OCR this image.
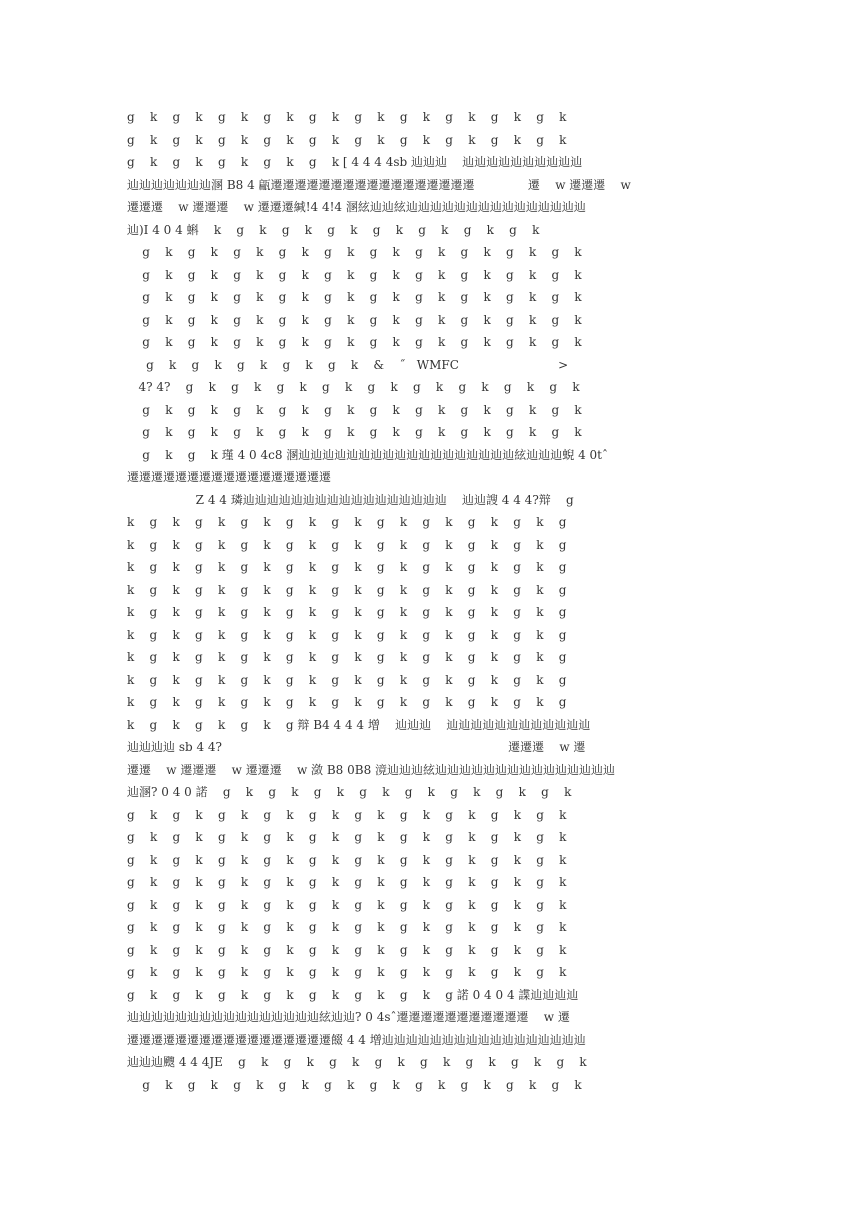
g    k    g    k    g    k    g    k    g    k    g    k    g    k    g    k    g    k    g    k
g    k    g    k    g    k    g    k    g    k    g    k    g    k    g    k    g    k    g    k
g    k    g    k    g    k    g    k    g    k [ 4 4 4 4sb 辿辿辿    辿辿辿辿辿辿辿辿辿辿
辿辿辿辿辿辿辿溷 B8 4 甂遷遷遷遷遷遷遷遷遷遷遷遷遷遷遷遷遷              遷    w 遷遷遷    w
遷遷遷    w 遷遷遷    w 遷遷遷緘!4 4!4 溷絃辿辿絃辿辿辿辿辿辿辿辿辿辿辿辿辿辿辿
辿)I 4 0 4 蝌    k    g    k    g    k    g    k    g    k    g    k    g    k    g    k
g    k    g    k    g    k    g    k    g    k    g    k    g    k    g    k    g    k    g    k
g    k    g    k    g    k    g    k    g    k    g    k    g    k    g    k    g    k    g    k
g    k    g    k    g    k    g    k    g    k    g    k    g    k    g    k    g    k    g    k
g    k    g    k    g    k    g    k    g    k    g    k    g    k    g    k    g    k    g    k
g    k    g    k    g    k    g    k    g    k    g    k    g    k    g    k    g    k    g    k
g    k    g    k    g    k    g    k    g    k    &    ˝   WMFC                          >
4? 4?    g    k    g    k    g    k    g    k    g    k    g    k    g    k    g    k    g    k
g    k    g    k    g    k    g    k    g    k    g    k    g    k    g    k    g    k    g    k
g    k    g    k    g    k    g    k    g    k    g    k    g    k    g    k    g    k    g    k
g    k    g    k 瑾 4 0 4c8 溷辿辿辿辿辿辿辿辿辿辿辿辿辿辿辿辿辿辿絃辿辿辿蜺 4 0tˆ
遷遷遷遷遷遷遷遷遷遷遷遷遷遷遷遷遷
Z 4 4 璘辿辿辿辿辿辿辿辿辿辿辿辿辿辿辿辿辿    辿辿謏 4 4 4?辩    g
k    g    k    g    k    g    k    g    k    g    k    g    k    g    k    g    k    g    k    g
k    g    k    g    k    g    k    g    k    g    k    g    k    g    k    g    k    g    k    g
k    g    k    g    k    g    k    g    k    g    k    g    k    g    k    g    k    g    k    g
k    g    k    g    k    g    k    g    k    g    k    g    k    g    k    g    k    g    k    g
k    g    k    g    k    g    k    g    k    g    k    g    k    g    k    g    k    g    k    g
k    g    k    g    k    g    k    g    k    g    k    g    k    g    k    g    k    g    k    g
k    g    k    g    k    g    k    g    k    g    k    g    k    g    k    g    k    g    k    g
k    g    k    g    k    g    k    g    k    g    k    g    k    g    k    g    k    g    k    g
k    g    k    g    k    g    k    g    k    g    k    g    k    g    k    g    k    g    k    g
k    g    k    g    k    g    k    g 辩 B4 4 4 4 增    辿辿辿    辿辿辿辿辿辿辿辿辿辿辿辿
辿辿辿辿 sb 4 4?                                                                           遷遷遷    w 遷
遷遷    w 遷遷遷    w 遷遷遷    w 潋 B8 0B8 滰辿辿辿絃辿辿辿辿辿辿辿辿辿辿辿辿辿辿辿
辿溷? 0 4 0 諾    g    k    g    k    g    k    g    k    g    k    g    k    g    k    g    k
g    k    g    k    g    k    g    k    g    k    g    k    g    k    g    k    g    k    g    k
g    k    g    k    g    k    g    k    g    k    g    k    g    k    g    k    g    k    g    k
g    k    g    k    g    k    g    k    g    k    g    k    g    k    g    k    g    k    g    k
g    k    g    k    g    k    g    k    g    k    g    k    g    k    g    k    g    k    g    k
g    k    g    k    g    k    g    k    g    k    g    k    g    k    g    k    g    k    g    k
g    k    g    k    g    k    g    k    g    k    g    k    g    k    g    k    g    k    g    k
g    k    g    k    g    k    g    k    g    k    g    k    g    k    g    k    g    k    g    k
g    k    g    k    g    k    g    k    g    k    g    k    g    k    g    k    g    k    g    k
g    k    g    k    g    k    g    k    g    k    g    k    g    k    g 諾 0 4 0 4 諜辿辿辿辿
辿辿辿辿辿辿辿辿辿辿辿辿辿辿辿辿絃辿辿? 0 4sˆ遷遷遷遷遷遷遷遷遷遷遷    w 遷
遷遷遷遷遷遷遷遷遷遷遷遷遷遷遷遷遷餟 4 4 增辿辿辿辿辿辿辿辿辿辿辿辿辿辿辿辿辿
辿辿辿颼 4 4 4JE    g    k    g    k    g    k    g    k    g    k    g    k    g    k    g    k
g    k    g    k    g    k    g    k    g    k    g    k    g    k    g    k    g    k    g    k
